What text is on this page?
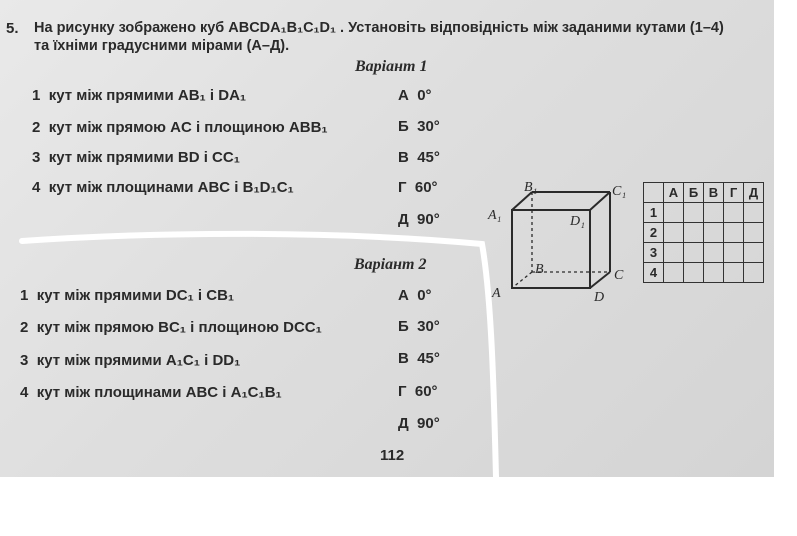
5. На рисунку зображено куб ABCDA₁B₁C₁D₁ . Установіть відповідність між заданими кутами (1–4)
та їхніми градусними мірами (А–Д).
Варіант 1
1 кут між прямими AB₁ і DA₁
2 кут між прямою AC і площиною ABB₁
3 кут між прямими BD і CC₁
4 кут між площинами ABC і B₁D₁C₁
А 0°
Б 30°
В 45°
Г 60°
Д 90°
Варіант 2
1 кут між прямими DC₁ і CB₁
2 кут між прямою BC₁ і площиною DCC₁
3 кут між прямими A₁C₁ і DD₁
4 кут між площинами ABC і A₁C₁B₁
А 0°
Б 30°
В 45°
Г 60°
Д 90°
112
B₁	C₁
A₁	D₁
B	C
A	D
	А	Б	В	Г	Д
1					
2					
3					
4					
